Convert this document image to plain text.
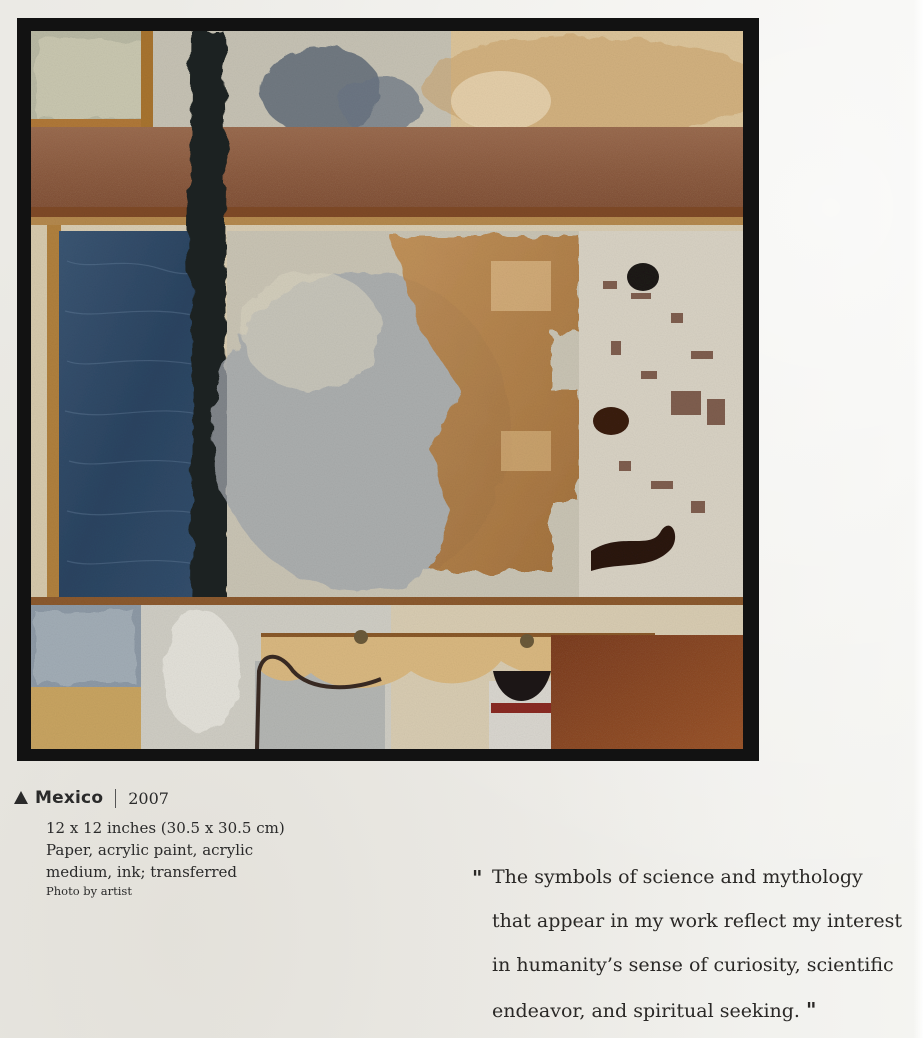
Mexico 2007
12 x 12 inches (30.5 x 30.5 cm)
Paper, acrylic paint, acrylic
medium, ink; transferred
Photo by artist
" The symbols of science and mythology
that appear in my work reflect my interest
in humanity’s sense of curiosity, scientific
endeavor, and spiritual seeking. "
